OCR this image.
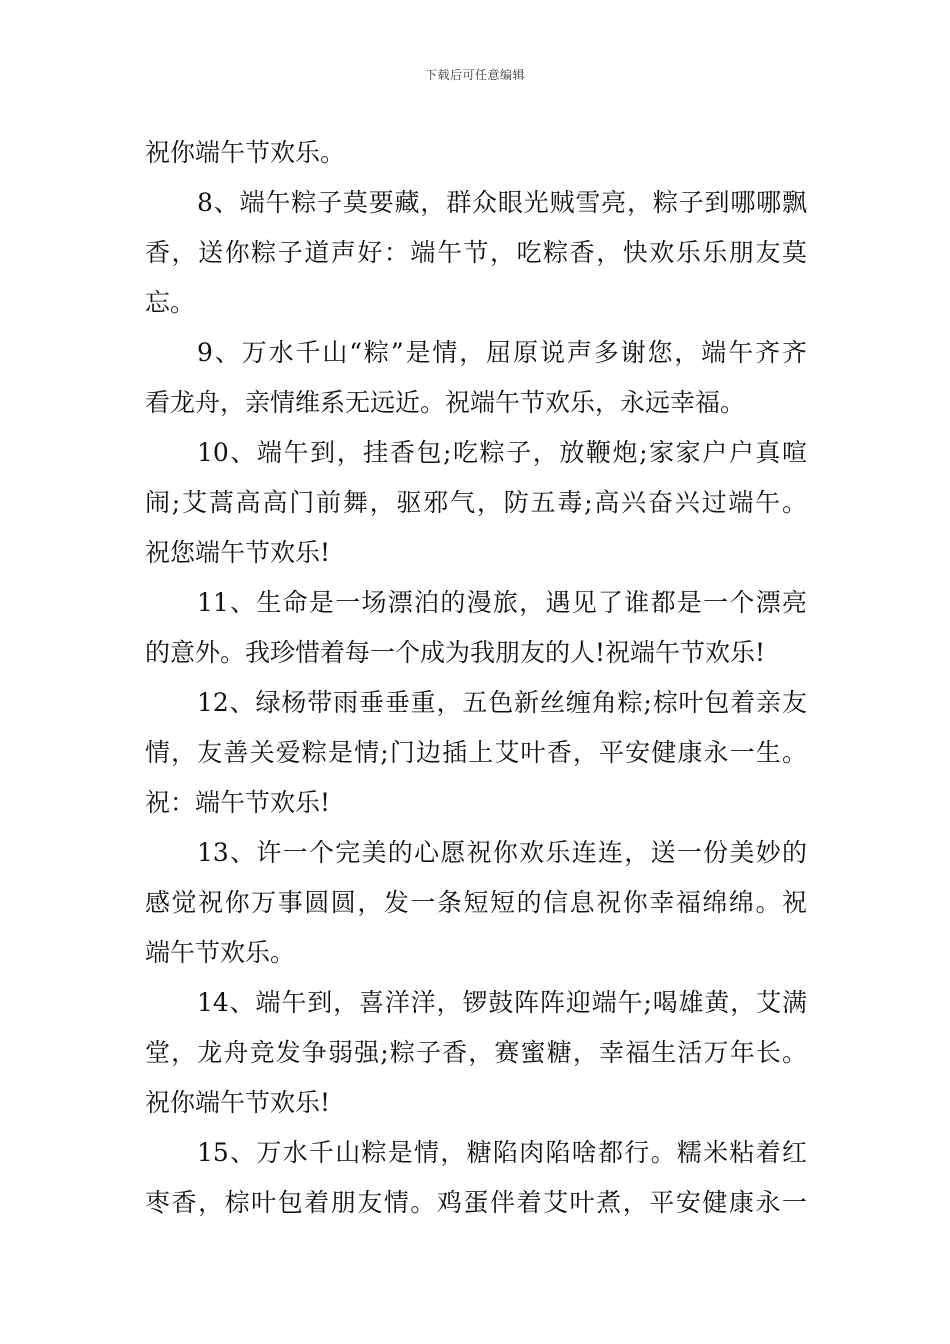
下载后可任意编辑
祝你端午节欢乐。
8、端午粽子莫要藏，群众眼光贼雪亮，粽子到哪哪飘
香，送你粽子道声好：端午节，吃粽香，快欢乐乐朋友莫
忘。
9、万水千山“粽”是情，屈原说声多谢您，端午齐齐
看龙舟，亲情维系无远近。祝端午节欢乐，永远幸福。
10、端午到，挂香包;吃粽子，放鞭炮;家家户户真喧
闹;艾蒿高高门前舞，驱邪气，防五毒;高兴奋兴过端午。
祝您端午节欢乐!
11、生命是一场漂泊的漫旅，遇见了谁都是一个漂亮
的意外。我珍惜着每一个成为我朋友的人!祝端午节欢乐!
12、绿杨带雨垂垂重，五色新丝缠角粽;棕叶包着亲友
情，友善关爱粽是情;门边插上艾叶香，平安健康永一生。
祝：端午节欢乐!
13、许一个完美的心愿祝你欢乐连连，送一份美妙的
感觉祝你万事圆圆，发一条短短的信息祝你幸福绵绵。祝
端午节欢乐。
14、端午到，喜洋洋，锣鼓阵阵迎端午;喝雄黄，艾满
堂，龙舟竞发争弱强;粽子香，赛蜜糖，幸福生活万年长。
祝你端午节欢乐!
15、万水千山粽是情，糖陷肉陷啥都行。糯米粘着红
枣香，棕叶包着朋友情。鸡蛋伴着艾叶煮，平安健康永一
